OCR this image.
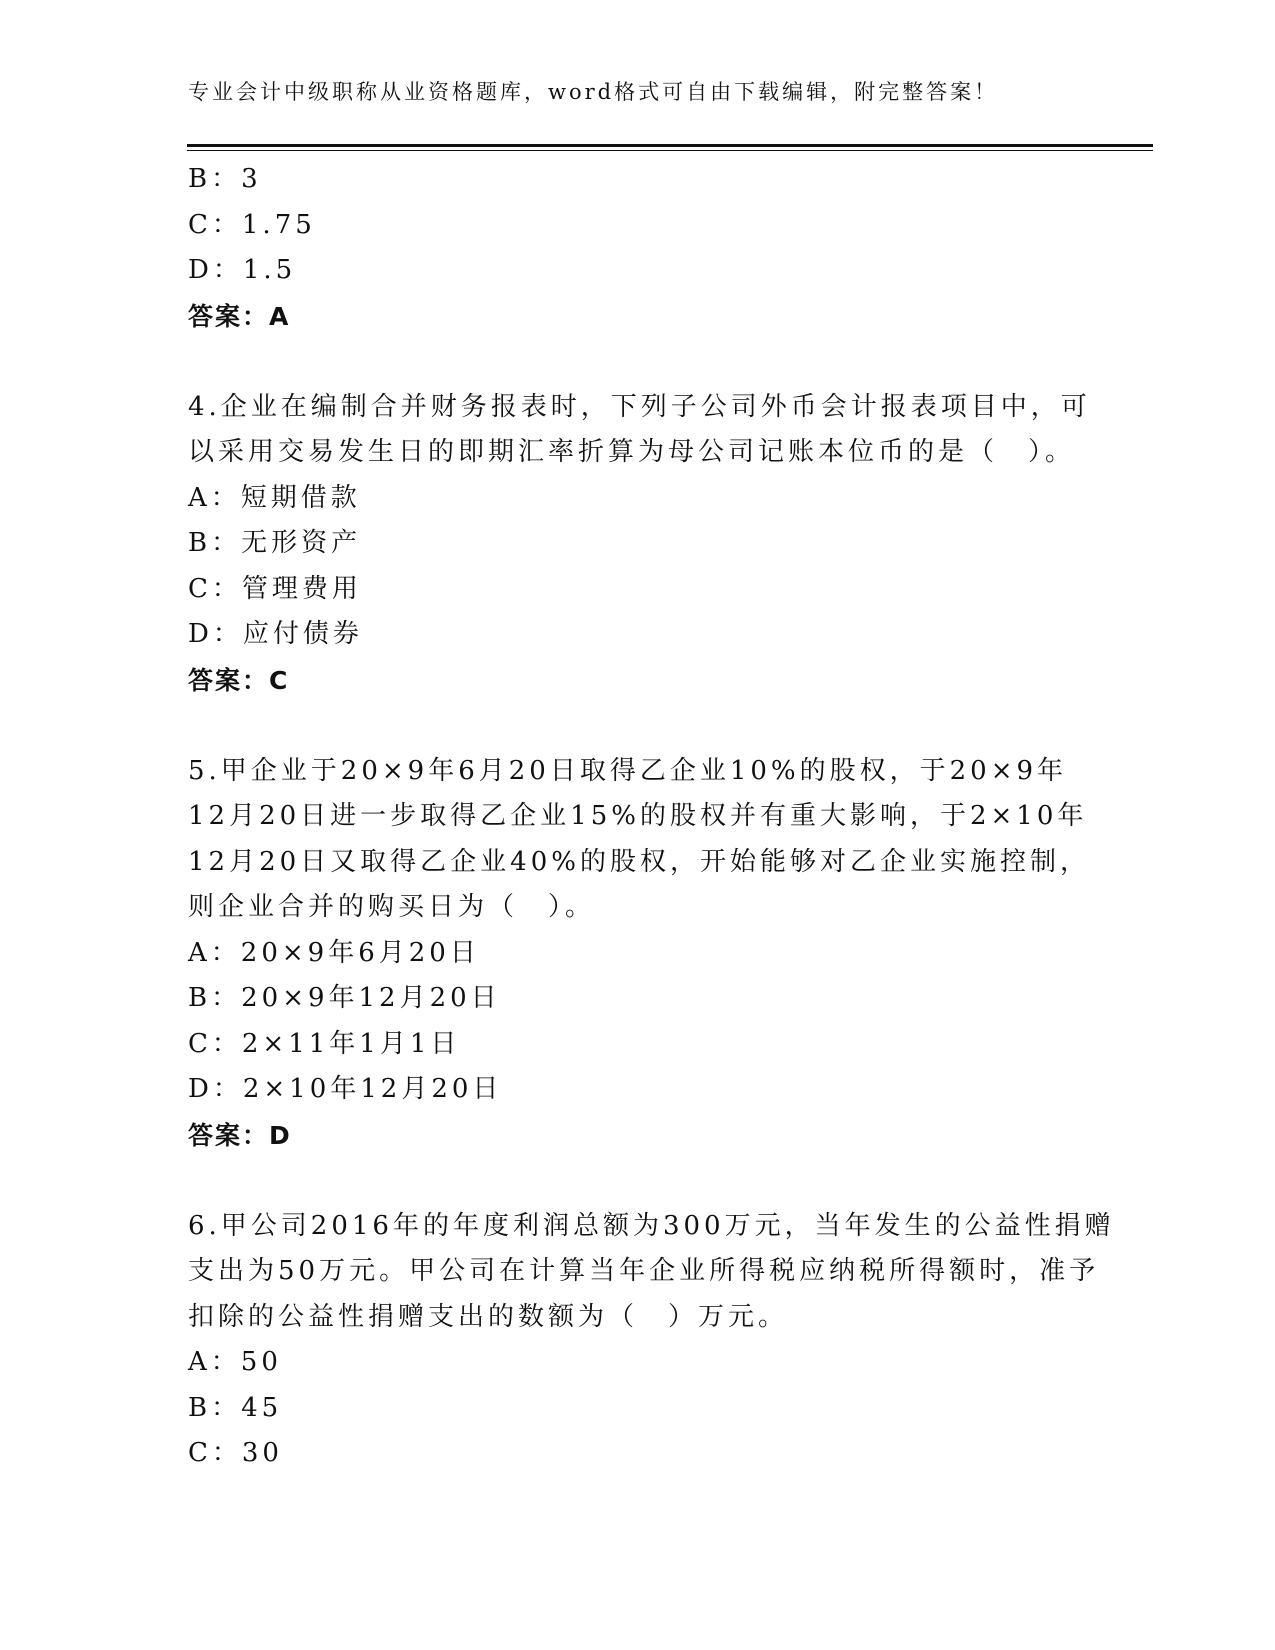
专业会计中级职称从业资格题库，word格式可自由下载编辑，附完整答案！
B：3
C：1.75
D：1.5
答案：A
4.企业在编制合并财务报表时，下列子公司外币会计报表项目中，可
以采用交易发生日的即期汇率折算为母公司记账本位币的是（　）。
A：短期借款
B：无形资产
C：管理费用
D：应付债券
答案：C
5.甲企业于20×9年6月20日取得乙企业10%的股权，于20×9年
12月20日进一步取得乙企业15%的股权并有重大影响，于2×10年
12月20日又取得乙企业40%的股权，开始能够对乙企业实施控制，
则企业合并的购买日为（　）。
A：20×9年6月20日
B：20×9年12月20日
C：2×11年1月1日
D：2×10年12月20日
答案：D
6.甲公司2016年的年度利润总额为300万元，当年发生的公益性捐赠
支出为50万元。甲公司在计算当年企业所得税应纳税所得额时，准予
扣除的公益性捐赠支出的数额为（　）万元。
A：50
B：45
C：30
